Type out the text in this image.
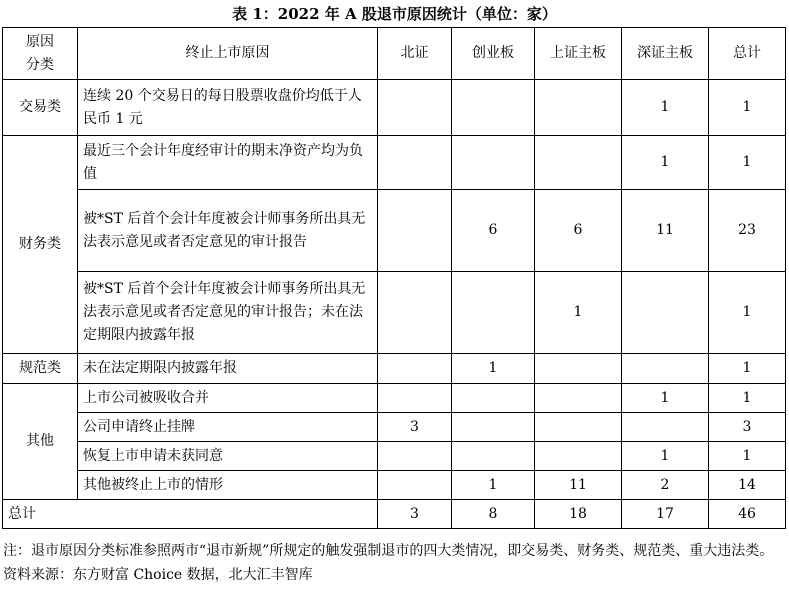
表 1：2022 年 A 股退市原因统计（单位：家）
原因
分类	终止上市原因	北证	创业板	上证主板	深证主板	总计
交易类	连续 20 个交易日的每日股票收盘价均低于人民币 1 元				1	1
财务类	最近三个会计年度经审计的期末净资产均为负值				1	1
	被*ST 后首个会计年度被会计师事务所出具无法表示意见或者否定意见的审计报告		6	6	11	23
	被*ST 后首个会计年度被会计师事务所出具无法表示意见或者否定意见的审计报告；未在法定期限内披露年报			1		1
规范类	未在法定期限内披露年报		1			1
其他	上市公司被吸收合并				1	1
	公司申请终止挂牌	3				3
	恢复上市申请未获同意				1	1
	其他被终止上市的情形		1	11	2	14
总计		3	8	18	17	46

注：退市原因分类标准参照两市“退市新规”所规定的触发强制退市的四大类情况，即交易类、财务类、规范类、重大违法类。

资料来源：东方财富 Choice 数据，北大汇丰智库
